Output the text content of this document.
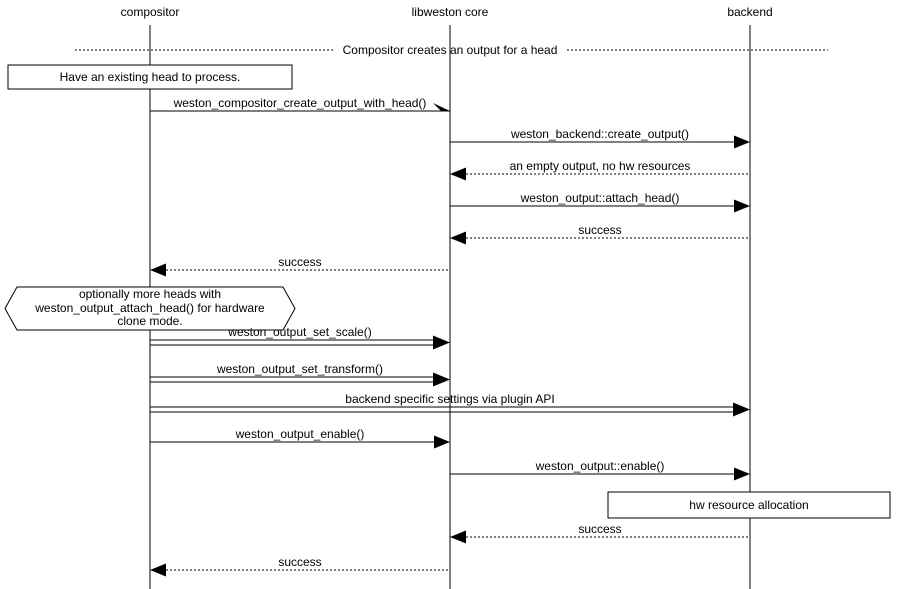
compositor	libweston core	backend
Compositor creates an output for a head
Have an existing head to process.
weston_compositor_create_output_with_head()
weston_backend::create_output()
an empty output, no hw resources
weston_output::attach_head()
success
success
optionally more heads with
weston_output_attach_head() for hardware
clone mode.
weston_output_set_scale()
weston_output_set_transform()
backend specific settings via plugin API
weston_output_enable()
weston_output::enable()
hw resource allocation
success
success
